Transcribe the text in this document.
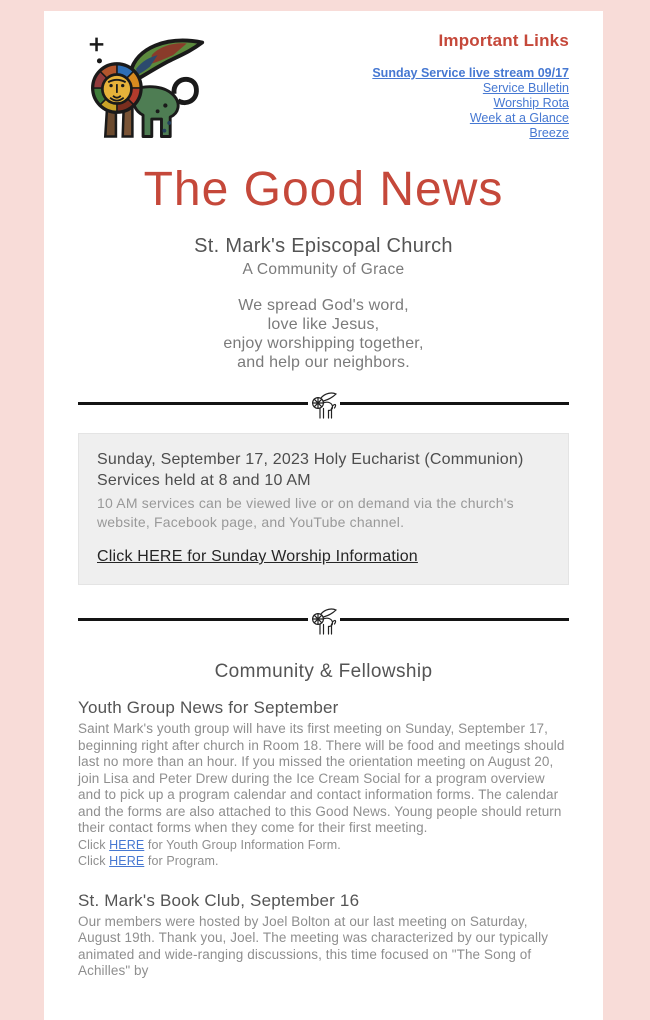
Important Links
Sunday Service live stream 09/17
Service Bulletin
Worship Rota
Week at a Glance
Breeze
The Good News
St. Mark's Episcopal Church
A Community of Grace
We spread God's word,
love like Jesus,
enjoy worshipping together,
and help our neighbors.
Sunday, September 17, 2023 Holy Eucharist (Communion) Services held at 8 and 10 AM
10 AM services can be viewed live or on demand via the church's website, Facebook page, and YouTube channel.
Click HERE for Sunday Worship Information
Community & Fellowship
Youth Group News for September

Saint Mark's youth group will have its first meeting on Sunday, September 17, beginning right after church in Room 18. There will be food and meetings should last no more than an hour. If you missed the orientation meeting on August 20, join Lisa and Peter Drew during the Ice Cream Social for a program overview and to pick up a program calendar and contact information forms. The calendar and the forms are also attached to this Good News. Young people should return their contact forms when they come for their first meeting.

Click HERE for Youth Group Information Form.
Click HERE for Program.
St. Mark's Book Club, September 16

Our members were hosted by Joel Bolton at our last meeting on Saturday, August 19th. Thank you, Joel. The meeting was characterized by our typically animated and wide-ranging discussions, this time focused on "The Song of Achilles" by
